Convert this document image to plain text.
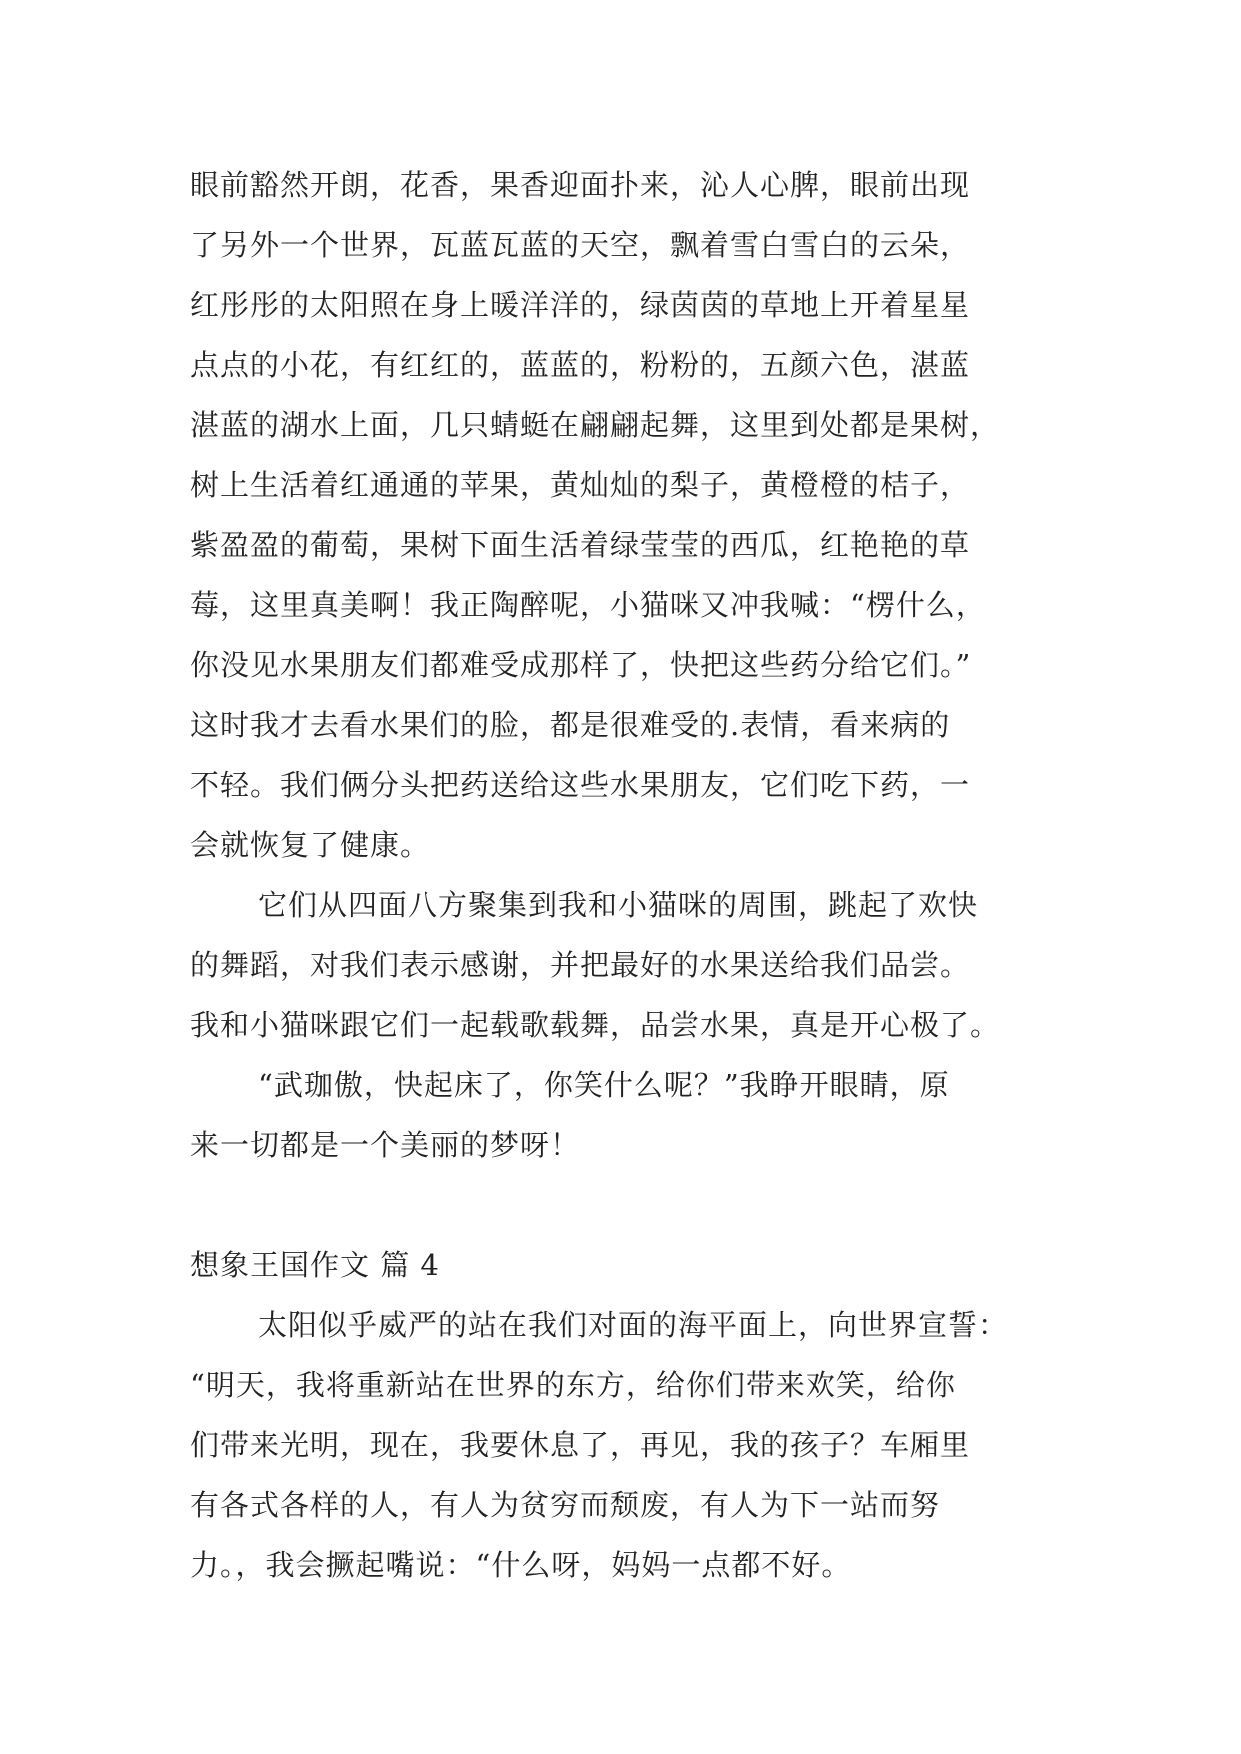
眼前豁然开朗，花香，果香迎面扑来，沁人心脾，眼前出现
了另外一个世界，瓦蓝瓦蓝的天空，飘着雪白雪白的云朵，
红彤彤的太阳照在身上暖洋洋的，绿茵茵的草地上开着星星
点点的小花，有红红的，蓝蓝的，粉粉的，五颜六色，湛蓝
湛蓝的湖水上面，几只蜻蜓在翩翩起舞，这里到处都是果树，
树上生活着红通通的苹果，黄灿灿的梨子，黄橙橙的桔子，
紫盈盈的葡萄，果树下面生活着绿莹莹的西瓜，红艳艳的草
莓，这里真美啊！我正陶醉呢，小猫咪又冲我喊：“楞什么，
你没见水果朋友们都难受成那样了，快把这些药分给它们。”
这时我才去看水果们的脸，都是很难受的.表情，看来病的
不轻。我们俩分头把药送给这些水果朋友，它们吃下药，一
会就恢复了健康。
它们从四面八方聚集到我和小猫咪的周围，跳起了欢快
的舞蹈，对我们表示感谢，并把最好的水果送给我们品尝。
我和小猫咪跟它们一起载歌载舞，品尝水果，真是开心极了。
“武珈傲，快起床了，你笑什么呢？”我睁开眼睛，原
来一切都是一个美丽的梦呀！
想象王国作文 篇 4
太阳似乎威严的站在我们对面的海平面上，向世界宣誓：
“明天，我将重新站在世界的东方，给你们带来欢笑，给你
们带来光明，现在，我要休息了，再见，我的孩子？车厢里
有各式各样的人，有人为贫穷而颓废，有人为下一站而努
力。，我会撅起嘴说：“什么呀，妈妈一点都不好。
